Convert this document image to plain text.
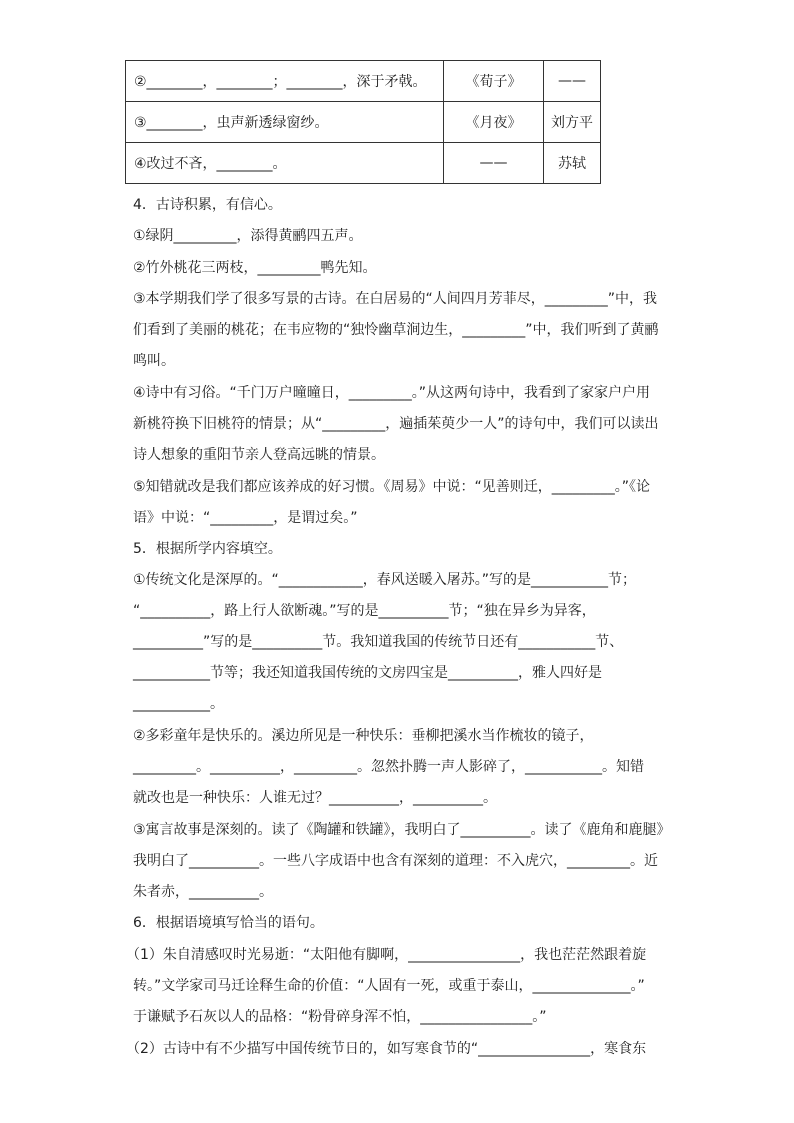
②________，________；________，深于矛戟。	《荀子》	——
③________，虫声新透绿窗纱。	《月夜》	刘方平
④改过不吝，________。	——	苏轼
4．古诗积累，有信心。
①绿阴_________，添得黄鹂四五声。
②竹外桃花三两枝，_________鸭先知。
③本学期我们学了很多写景的古诗。在白居易的“人间四月芳菲尽，_________”中，我
们看到了美丽的桃花；在韦应物的“独怜幽草涧边生，_________”中，我们听到了黄鹂
鸣叫。
④诗中有习俗。“千门万户曈曈日，_________。”从这两句诗中，我看到了家家户户用
新桃符换下旧桃符的情景；从“_________，遍插茱萸少一人”的诗句中，我们可以读出
诗人想象的重阳节亲人登高远眺的情景。
⑤知错就改是我们都应该养成的好习惯。《周易》中说：“见善则迁，_________。”《论
语》中说：“_________，是谓过矣。”
5．根据所学内容填空。
①传统文化是深厚的。“____________，春风送暖入屠苏。”写的是___________节；
“__________，路上行人欲断魂。”写的是__________节；“独在异乡为异客，
__________”写的是__________节。我知道我国的传统节日还有___________节、
___________节等；我还知道我国传统的文房四宝是__________，雅人四好是
___________。
②多彩童年是快乐的。溪边所见是一种快乐：垂柳把溪水当作梳妆的镜子，
_________。__________，_________。忽然扑腾一声人影碎了，___________。知错
就改也是一种快乐：人谁无过？__________，__________。
③寓言故事是深刻的。读了《陶罐和铁罐》，我明白了__________。读了《鹿角和鹿腿》
我明白了__________。一些八字成语中也含有深刻的道理：不入虎穴，_________。近
朱者赤，__________。
6．根据语境填写恰当的语句。
（1）朱自清感叹时光易逝：“太阳他有脚啊，________________，我也茫茫然跟着旋
转。”文学家司马迁诠释生命的价值：“人固有一死，或重于泰山，______________。”
于谦赋予石灰以人的品格：“粉骨碎身浑不怕，________________。”
（2）古诗中有不少描写中国传统节日的，如写寒食节的“________________，寒食东
